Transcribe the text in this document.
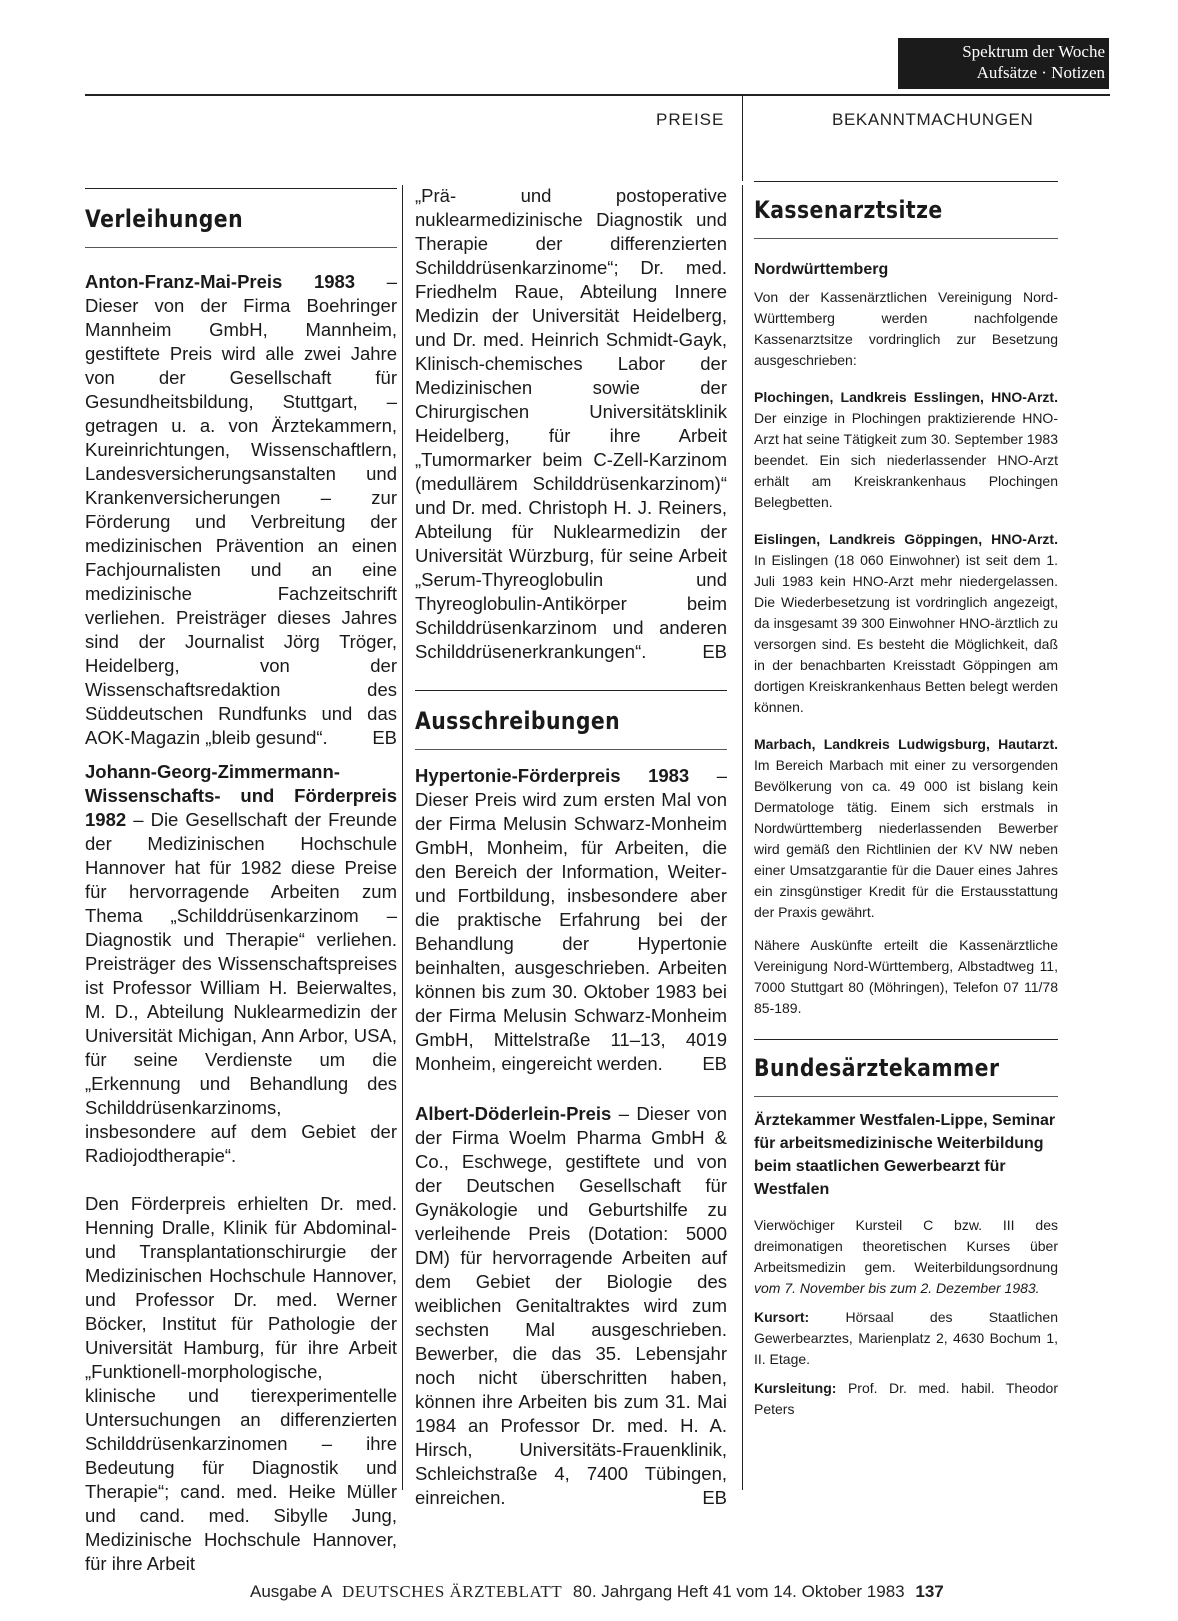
Spektrum der Woche
Aufsätze · Notizen
PREISE	BEKANNTMACHUNGEN
Verleihungen

Anton-Franz-Mai-Preis 1983 – Dieser von der Firma Boehringer Mannheim GmbH, Mannheim, gestiftete Preis wird alle zwei Jahre von der Gesellschaft für Gesundheitsbildung, Stuttgart, – getragen u. a. von Ärztekammern, Kureinrichtungen, Wissenschaftlern, Landesversicherungsanstalten und Krankenversicherungen – zur Förderung und Verbreitung der medizinischen Prävention an einen Fachjournalisten und an eine medizinische Fachzeitschrift verliehen. Preisträger dieses Jahres sind der Journalist Jörg Tröger, Heidelberg, von der Wissenschaftsredaktion des Süddeutschen Rundfunks und das AOK-Magazin „bleib gesund“. EB

Johann-Georg-Zimmermann-Wissenschafts- und Förderpreis 1982 – Die Gesellschaft der Freunde der Medizinischen Hochschule Hannover hat für 1982 diese Preise für hervorragende Arbeiten zum Thema „Schilddrüsenkarzinom – Diagnostik und Therapie“ verliehen. Preisträger des Wissenschaftspreises ist Professor William H. Beierwaltes, M. D., Abteilung Nuklearmedizin der Universität Michigan, Ann Arbor, USA, für seine Verdienste um die „Erkennung und Behandlung des Schilddrüsenkarzinoms, insbesondere auf dem Gebiet der Radiojodtherapie“.

Den Förderpreis erhielten Dr. med. Henning Dralle, Klinik für Abdominal- und Transplantationschirurgie der Medizinischen Hochschule Hannover, und Professor Dr. med. Werner Böcker, Institut für Pathologie der Universität Hamburg, für ihre Arbeit „Funktionell-morphologische, klinische und tierexperimentelle Untersuchungen an differenzierten Schilddrüsenkarzinomen – ihre Bedeutung für Diagnostik und Therapie“; cand. med. Heike Müller und cand. med. Sibylle Jung, Medizinische Hochschule Hannover, für ihre Arbeit

„Prä- und postoperative nuklearmedizinische Diagnostik und Therapie der differenzierten Schilddrüsenkarzinome“; Dr. med. Friedhelm Raue, Abteilung Innere Medizin der Universität Heidelberg, und Dr. med. Heinrich Schmidt-Gayk, Klinisch-chemisches Labor der Medizinischen sowie der Chirurgischen Universitätsklinik Heidelberg, für ihre Arbeit „Tumormarker beim C-Zell-Karzinom (medullärem Schilddrüsenkarzinom)“ und Dr. med. Christoph H. J. Reiners, Abteilung für Nuklearmedizin der Universität Würzburg, für seine Arbeit „Serum-Thyreoglobulin und Thyreoglobulin-Antikörper beim Schilddrüsenkarzinom und anderen Schilddrüsenerkrankungen“.	EB

Ausschreibungen

Hypertonie-Förderpreis 1983 – Dieser Preis wird zum ersten Mal von der Firma Melusin Schwarz-Monheim GmbH, Monheim, für Arbeiten, die den Bereich der Information, Weiter- und Fortbildung, insbesondere aber die praktische Erfahrung bei der Behandlung der Hypertonie beinhalten, ausgeschrieben. Arbeiten können bis zum 30. Oktober 1983 bei der Firma Melusin Schwarz-Monheim GmbH, Mittelstraße 11–13, 4019 Monheim, eingereicht werden. EB

Albert-Döderlein-Preis – Dieser von der Firma Woelm Pharma GmbH & Co., Eschwege, gestiftete und von der Deutschen Gesellschaft für Gynäkologie und Geburtshilfe zu verleihende Preis (Dotation: 5000 DM) für hervorragende Arbeiten auf dem Gebiet der Biologie des weiblichen Genitaltraktes wird zum sechsten Mal ausgeschrieben. Bewerber, die das 35. Lebensjahr noch nicht überschritten haben, können ihre Arbeiten bis zum 31. Mai 1984 an Professor Dr. med. H. A. Hirsch, Universitäts-Frauenklinik, Schleichstraße 4, 7400 Tübingen, einreichen.	EB

Kassenarztsitze
Nordwürttemberg

Von der Kassenärztlichen Vereinigung Nord-Württemberg werden nachfolgende Kassenarztsitze vordringlich zur Besetzung ausgeschrieben:

Plochingen, Landkreis Esslingen, HNO-Arzt. Der einzige in Plochingen praktizierende HNO-Arzt hat seine Tätigkeit zum 30. September 1983 beendet. Ein sich niederlassender HNO-Arzt erhält am Kreiskrankenhaus Plochingen Belegbetten.

Eislingen, Landkreis Göppingen, HNO-Arzt. In Eislingen (18 060 Einwohner) ist seit dem 1. Juli 1983 kein HNO-Arzt mehr niedergelassen. Die Wiederbesetzung ist vordringlich angezeigt, da insgesamt 39 300 Einwohner HNO-ärztlich zu versorgen sind. Es besteht die Möglichkeit, daß in der benachbarten Kreisstadt Göppingen am dortigen Kreiskrankenhaus Betten belegt werden können.

Marbach, Landkreis Ludwigsburg, Hautarzt. Im Bereich Marbach mit einer zu versorgenden Bevölkerung von ca. 49 000 ist bislang kein Dermatologe tätig. Einem sich erstmals in Nordwürttemberg niederlassenden Bewerber wird gemäß den Richtlinien der KV NW neben einer Umsatzgarantie für die Dauer eines Jahres ein zinsgünstiger Kredit für die Erstausstattung der Praxis gewährt.

Nähere Auskünfte erteilt die Kassenärztliche Vereinigung Nord-Württemberg, Albstadtweg 11, 7000 Stuttgart 80 (Möhringen), Telefon 07 11/78 85-189.

Bundesärztekammer
Ärztekammer Westfalen-Lippe, Seminar für arbeitsmedizinische Weiterbildung beim staatlichen Gewerbearzt für Westfalen

Vierwöchiger Kursteil C bzw. III des dreimonatigen theoretischen Kurses über Arbeitsmedizin gem. Weiterbildungsordnung vom 7. November bis zum 2. Dezember 1983.

Kursort: Hörsaal des Staatlichen Gewerbearztes, Marienplatz 2, 4630 Bochum 1, II. Etage.

Kursleitung: Prof. Dr. med. habil. Theodor Peters

Ausgabe A DEUTSCHES ÄRZTEBLATT 80. Jahrgang Heft 41 vom 14. Oktober 1983 137
